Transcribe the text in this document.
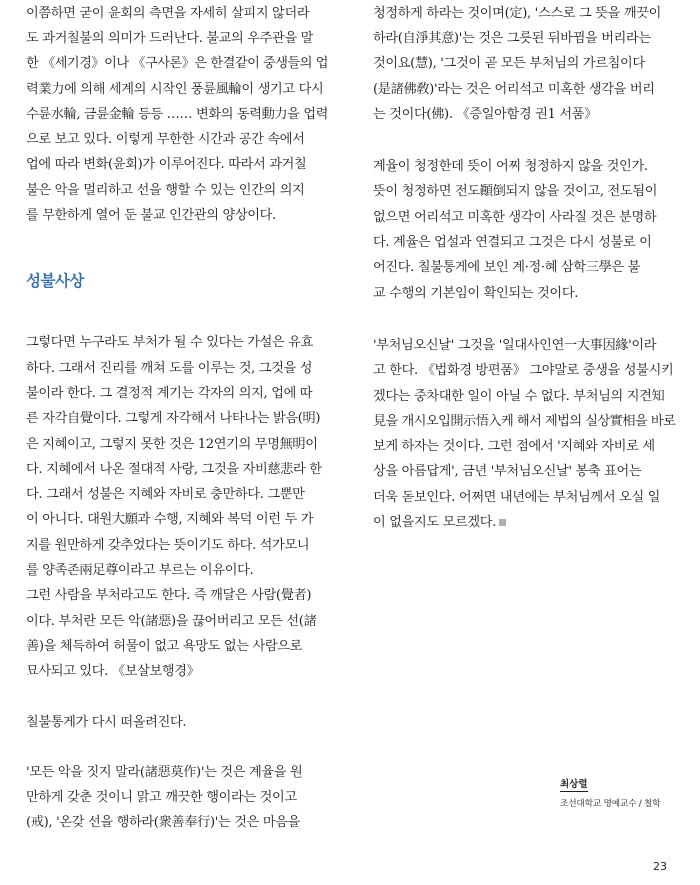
이쯤하면 굳이 윤회의 측면을 자세히 살피지 않더라
도 과거칠불의 의미가 드러난다. 불교의 우주관을 말
한 《세기경》이나 《구사론》은 한결같이 중생들의 업
력業力에 의해 세계의 시작인 풍륜風輪이 생기고 다시
수륜水輪, 금륜金輪 등등 …… 변화의 동력動力을 업력
으로 보고 있다. 이렇게 무한한 시간과 공간 속에서
업에 따라 변화(윤회)가 이루어진다. 따라서 과거칠
불은 악을 멀리하고 선을 행할 수 있는 인간의 의지
를 무한하게 열어 둔 불교 인간관의 양상이다.
성불사상
그렇다면 누구라도 부처가 될 수 있다는 가설은 유효
하다. 그래서 진리를 깨쳐 도를 이루는 것, 그것을 성
불이라 한다. 그 결정적 계기는 각자의 의지, 업에 따
른 자각自覺이다. 그렇게 자각해서 나타나는 밝음(明)
은 지혜이고, 그렇지 못한 것은 12연기의 무명無明이
다. 지혜에서 나온 절대적 사랑, 그것을 자비慈悲라 한
다. 그래서 성불은 지혜와 자비로 충만하다. 그뿐만
이 아니다. 대원大願과 수행, 지혜와 복덕 이런 두 가
지를 원만하게 갖추었다는 뜻이기도 하다. 석가모니
를 양족존兩足尊이라고 부르는 이유이다.
그런 사람을 부처라고도 한다. 즉 깨달은 사람(覺者)
이다. 부처란 모든 악(諸惡)을 끊어버리고 모든 선(諸
善)을 체득하여 허물이 없고 욕망도 없는 사람으로
묘사되고 있다. 《보살보행경》
칠불통게가 다시 떠올려진다.
'모든 악을 짓지 말라(諸惡莫作)'는 것은 계율을 원
만하게 갖춘 것이니 맑고 깨끗한 행이라는 것이고
(戒), '온갖 선을 행하라(衆善奉行)'는 것은 마음을
청정하게 하라는 것이며(定), '스스로 그 뜻을 깨끗이
하라(自淨其意)'는 것은 그릇된 뒤바뀜을 버리라는
것이요(慧), '그것이 곧 모든 부처님의 가르침이다
(是諸佛敎)'라는 것은 어리석고 미혹한 생각을 버리
는 것이다(佛). 《증일아함경 권1 서품》
계율이 청정한데 뜻이 어찌 청정하지 않을 것인가.
뜻이 청정하면 전도顚倒되지 않을 것이고, 전도됨이
없으면 어리석고 미혹한 생각이 사라질 것은 분명하
다. 계율은 업설과 연결되고 그것은 다시 성불로 이
어진다. 칠불통게에 보인 계·정·혜 삼학三學은 불
교 수행의 기본임이 확인되는 것이다.
'부처님오신날' 그것을 '일대사인연一大事因緣'이라
고 한다. 《법화경 방편품》 그야말로 중생을 성불시키
겠다는 중차대한 일이 아닐 수 없다. 부처님의 지견知
見을 개시오입開示悟入케 해서 제법의 실상實相을 바로
보게 하자는 것이다. 그런 점에서 '지혜와 자비로 세
상을 아름답게', 금년 '부처님오신날' 봉축 표어는
더욱 돋보인다. 어쩌면 내년에는 부처님께서 오실 일
이 없을지도 모르겠다.
최상렬
조선대학교 명예교수 / 철학
23
